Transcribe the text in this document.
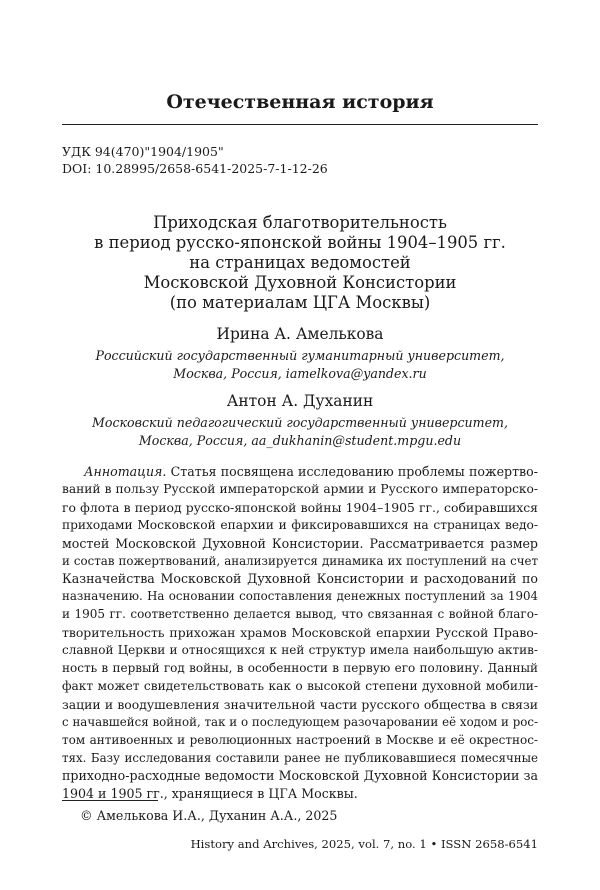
Отечественная история
УДК 94(470)"1904/1905"
DOI: 10.28995/2658-6541-2025-7-1-12-26
Приходская благотворительность
в период русско-японской войны 1904–1905 гг.
на страницах ведомостей
Московской Духовной Консистории
(по материалам ЦГА Москвы)
Ирина А. Амелькова
Российский государственный гуманитарный университет,
Москва, Россия, iamelkova@yandex.ru
Антон А. Духанин
Московский педагогический государственный университет,
Москва, Россия, aa_dukhanin@student.mpgu.edu
Аннотация. Статья посвящена исследованию проблемы пожертво-
ваний в пользу Русской императорской армии и Русского императорско-
го флота в период русско-японской войны 1904–1905 гг., собиравшихся
приходами Московской епархии и фиксировавшихся на страницах ведо-
мостей Московской Духовной Консистории. Рассматривается размер
и состав пожертвований, анализируется динамика их поступлений на счет
Казначейства Московской Духовной Консистории и расходований по
назначению. На основании сопоставления денежных поступлений за 1904
и 1905 гг. соответственно делается вывод, что связанная с войной благо-
творительность прихожан храмов Московской епархии Русской Право-
славной Церкви и относящихся к ней структур имела наибольшую актив-
ность в первый год войны, в особенности в первую его половину. Данный
факт может свидетельствовать как о высокой степени духовной мобили-
зации и воодушевления значительной части русского общества в связи
с начавшейся войной, так и о последующем разочаровании её ходом и рос-
том антивоенных и революционных настроений в Москве и её окрестнос-
тях. Базу исследования составили ранее не публиковавшиеся помесячные
приходно-расходные ведомости Московской Духовной Консистории за
1904 и 1905 гг., хранящиеся в ЦГА Москвы.
© Амелькова И.А., Духанин А.А., 2025
History and Archives, 2025, vol. 7, no. 1 • ISSN 2658-6541
